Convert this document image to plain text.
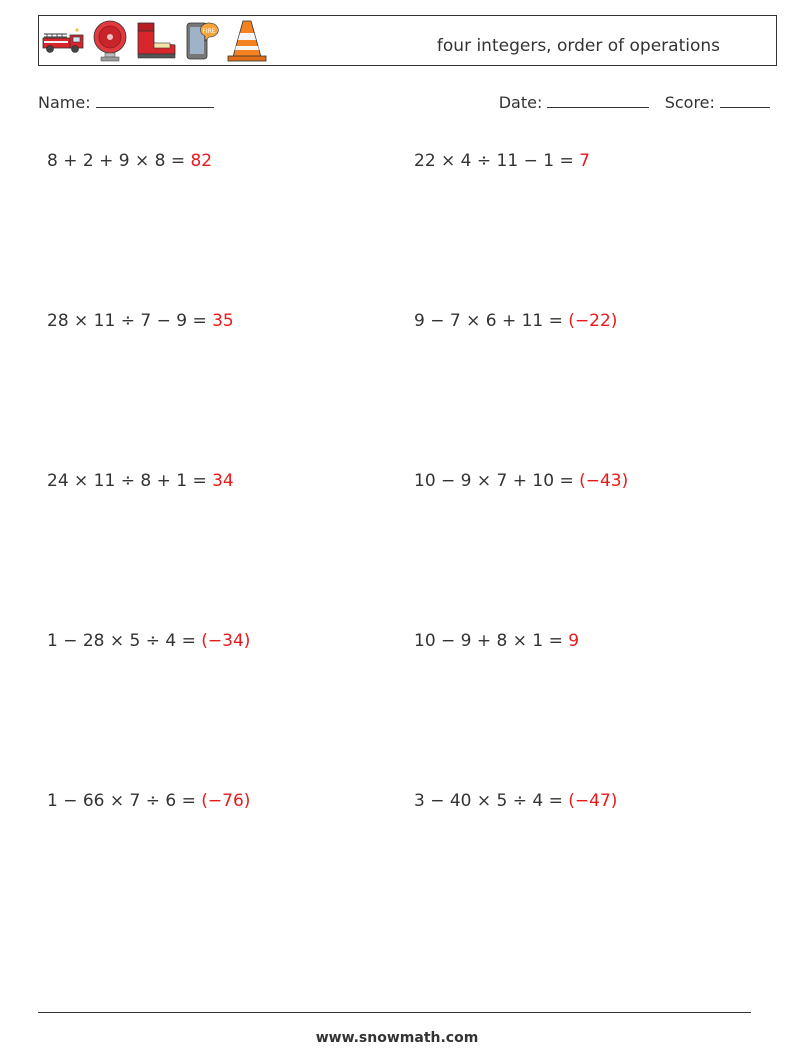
FIRE
four integers, order of operations
Name:	Date:	Score:
8 + 2 + 9 × 8 = 82	22 × 4 ÷ 11 − 1 = 7
28 × 11 ÷ 7 − 9 = 35	9 − 7 × 6 + 11 = (−22)
24 × 11 ÷ 8 + 1 = 34	10 − 9 × 7 + 10 = (−43)
1 − 28 × 5 ÷ 4 = (−34)	10 − 9 + 8 × 1 = 9
1 − 66 × 7 ÷ 6 = (−76)	3 − 40 × 5 ÷ 4 = (−47)
www.snowmath.com
